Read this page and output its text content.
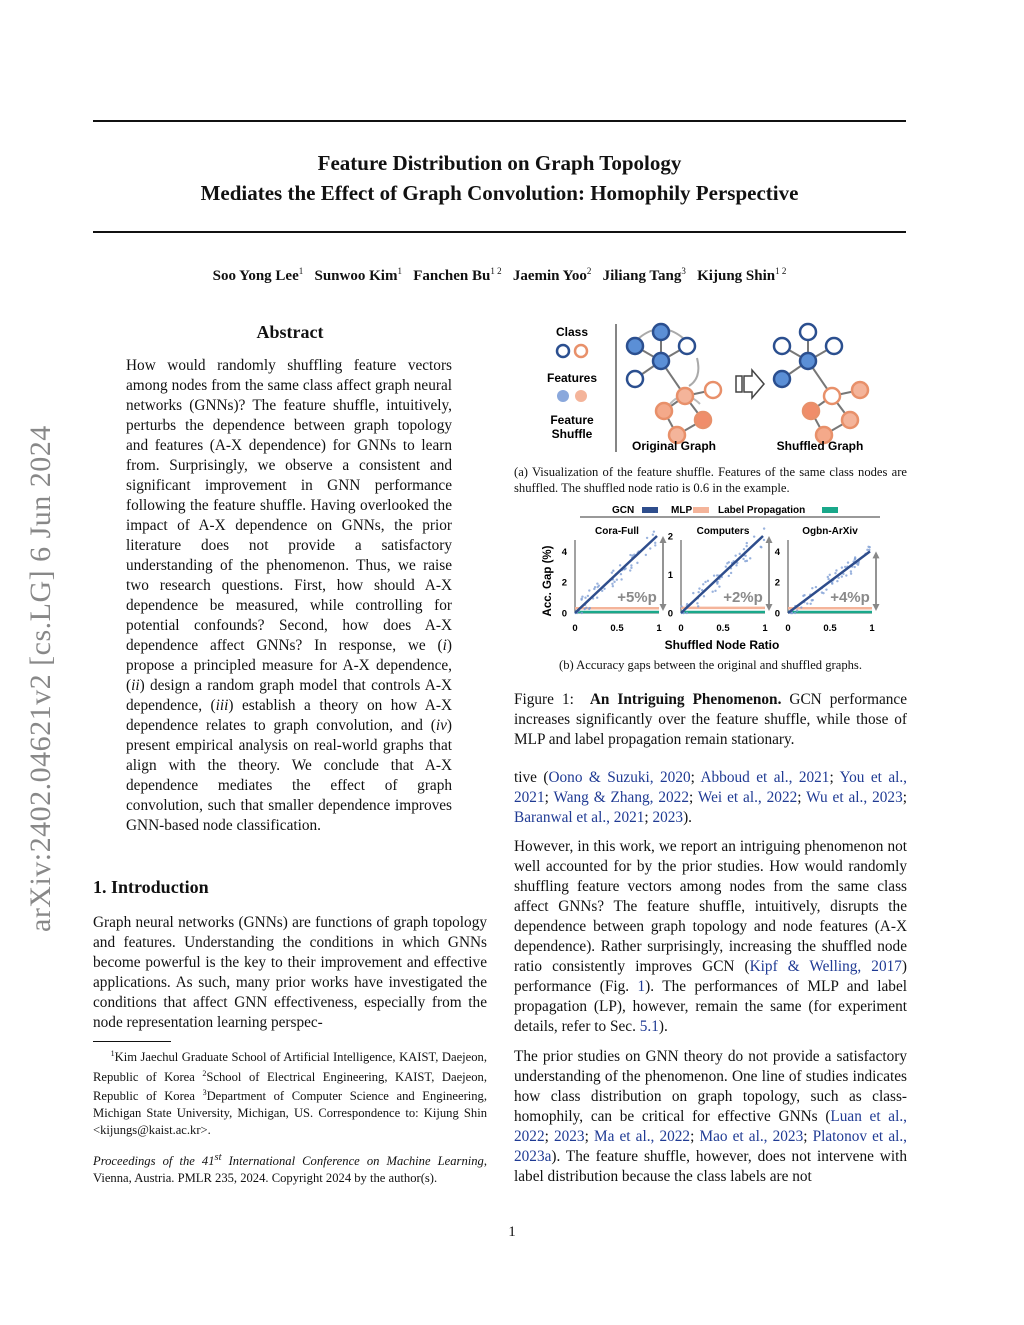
Feature Distribution on Graph Topology
Mediates the Effect of Graph Convolution: Homophily Perspective
Soo Yong Lee$^1$ Sunwoo Kim$^1$ Fanchen $Bu^{1 2}$ Jaemin Yoo$^2$ Jiliang Tang$^3$ Kijung Shin$^{1 2}$
arXiv:2402.04621v2 [cs.LG] 6 Jun 2024
Abstract
How would randomly shuffling feature vectors among nodes from the same class affect graph neural networks (GNNs)? The feature shuffle, intuitively, perturbs the dependence between graph topology and features (A-X dependence) for GNNs to learn from. Surprisingly, we observe a consistent and significant improvement in GNN performance following the feature shuffle. Having overlooked the impact of A-X dependence on GNNs, the prior literature does not provide a satisfactory understanding of the phenomenon. Thus, we raise two research questions. First, how should A-X dependence be measured, while controlling for potential confounds? Second, how does A-X dependence affect GNNs? In response, we (i) propose a principled measure for A-X dependence, (ii) design a random graph model that controls A-X dependence, (iii) establish a theory on how A-X dependence relates to graph convolution, and (iv) present empirical analysis on real-world graphs that align with the theory. We conclude that A-X dependence mediates the effect of graph convolution, such that smaller dependence improves GNN-based node classification.
1. Introduction
Graph neural networks (GNNs) are functions of graph topology and features. Understanding the conditions in which GNNs become powerful is the key to their improvement and effective applications. As such, many prior works have investigated the conditions that affect GNN effectiveness, especially from the node representation learning perspec-
$^1$Kim Jaechul Graduate School of Artificial Intelligence, KAIST, Daejeon, Republic of Korea $^2$School of Electrical Engineering, KAIST, Daejeon, Republic of Korea $^3$Department of Computer Science and Engineering, Michigan State University, Michigan, US. Correspondence to: Kijung Shin <kijungs@kaist.ac.kr>.
Proceedings of the 41st International Conference on Machine Learning, Vienna, Austria. PMLR 235, 2024. Copyright 2024 by the author(s).
Class
Features
Feature
Shuffle
Original Graph	Shuffled Graph
(a) Visualization of the feature shuffle. Features of the same class nodes are shuffled. The shuffled node ratio is 0.6 in the example.
GCN	MLP	Label Propagation
Cora-Full
0
2
4
0	0.5	1
+5%p
Computers
0
1
2
0	0.5	1
+2%p
Ogbn-ArXiv
0
2
4
0	0.5	1
+4%p
Acc. Gap (%)
Shuffled Node Ratio
(b) Accuracy gaps between the original and shuffled graphs.
Figure 1: An Intriguing Phenomenon. GCN performance increases significantly over the feature shuffle, while those of MLP and label propagation remain stationary.
tive (Oono & Suzuki, 2020; Abboud et al., 2021; You et al., 2021; Wang & Zhang, 2022; Wei et al., 2022; Wu et al., 2023; Baranwal et al., 2021; 2023).
However, in this work, we report an intriguing phenomenon not well accounted for by the prior studies. How would randomly shuffling feature vectors among nodes from the same class affect GNNs? The feature shuffle, intuitively, disrupts the dependence between graph topology and node features (A-X dependence). Rather surprisingly, increasing the shuffled node ratio consistently improves GCN (Kipf & Welling, 2017) performance (Fig. 1). The performances of MLP and label propagation (LP), however, remain the same (for experiment details, refer to Sec. 5.1).
The prior studies on GNN theory do not provide a satisfactory understanding of the phenomenon. One line of studies indicates how class distribution on graph topology, such as class-homophily, can be critical for effective GNNs (Luan et al., 2022; 2023; Ma et al., 2022; Mao et al., 2023; Platonov et al., 2023a). The feature shuffle, however, does not intervene with label distribution because the class labels are not
1
